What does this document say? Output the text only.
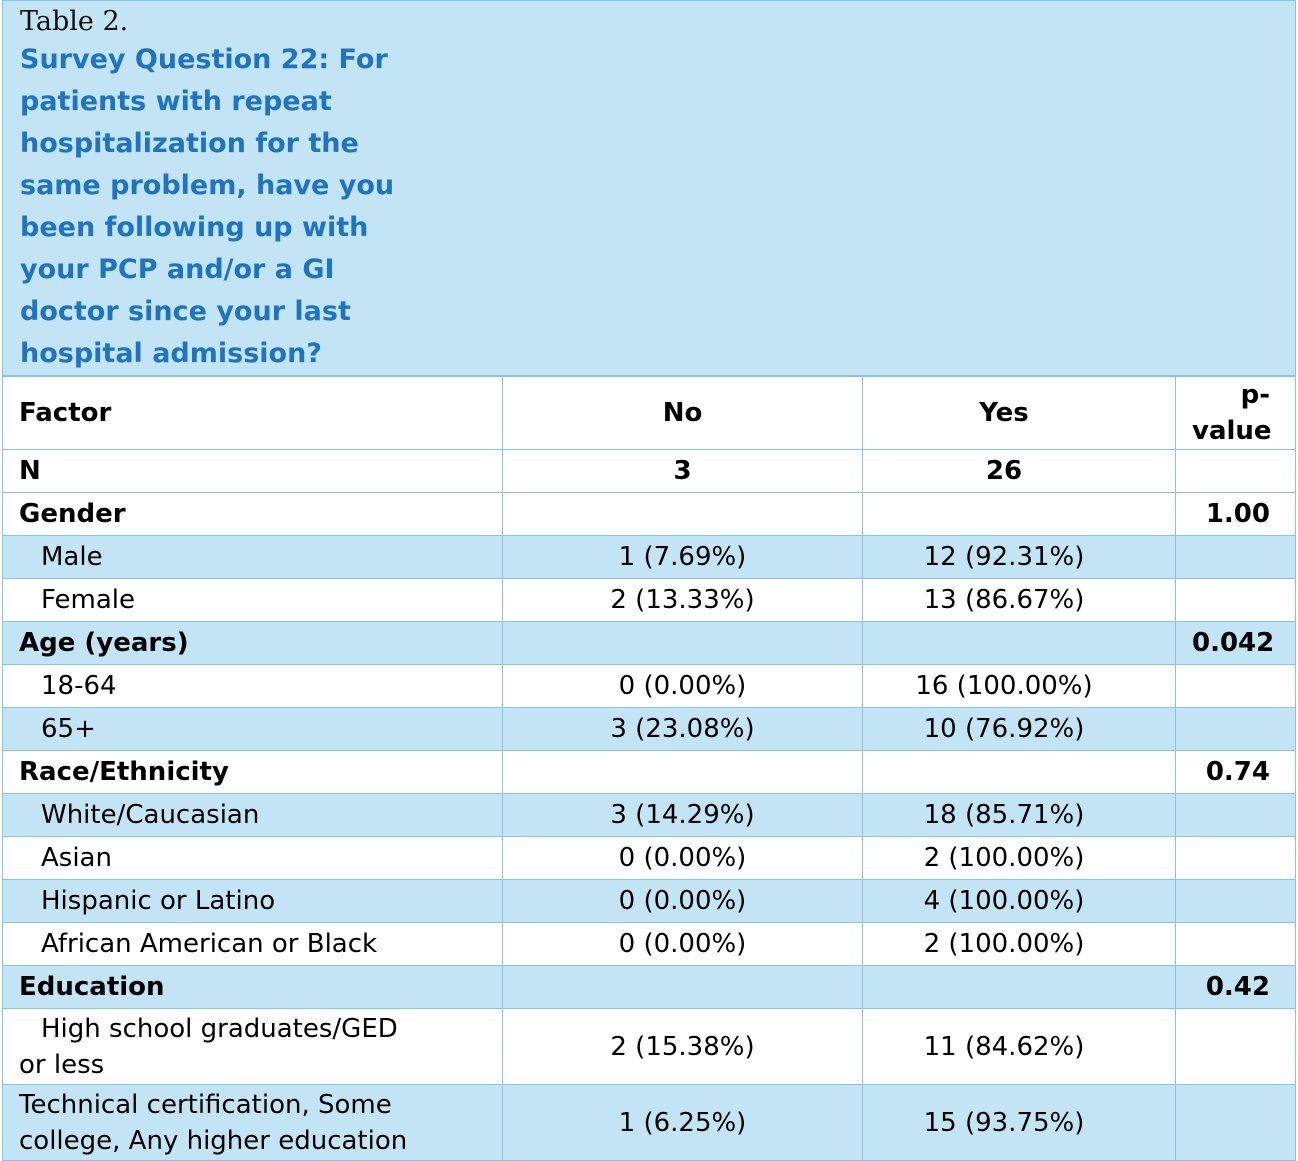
Table 2.

Survey Question 22: For patients with repeat hospitalization for the same problem, have you been following up with your PCP and/or a GI doctor since your last hospital admission?

Factor	No	Yes	p-value
N	3	26	
Gender			1.00
Male	1 (7.69%)	12 (92.31%)	
Female	2 (13.33%)	13 (86.67%)	
Age (years)			0.042
18-64	0 (0.00%)	16 (100.00%)	
65+	3 (23.08%)	10 (76.92%)	
Race/Ethnicity			0.74
White/Caucasian	3 (14.29%)	18 (85.71%)	
Asian	0 (0.00%)	2 (100.00%)	
Hispanic or Latino	0 (0.00%)	4 (100.00%)	
African American or Black	0 (0.00%)	2 (100.00%)	
Education			0.42

High school graduates/GED
or less	2 (15.38%)	11 (84.62%)	

Technical certification, Some
college, Any higher education	1 (6.25%)	15 (93.75%)	
